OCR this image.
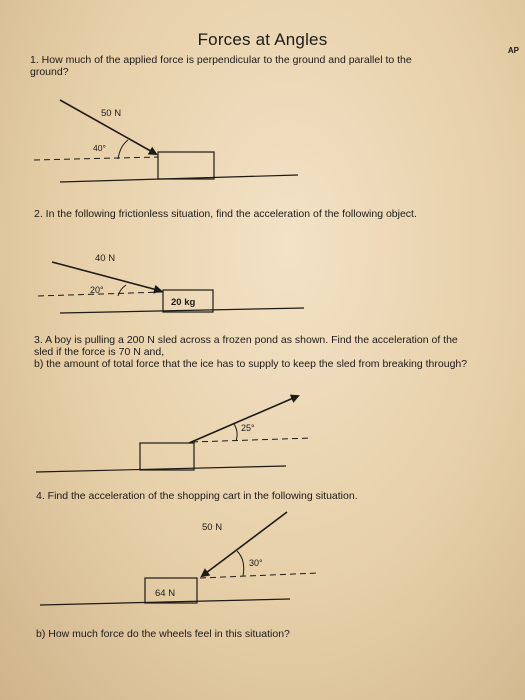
Forces at Angles
AP
1. How much of the applied force is perpendicular to the ground and parallel to the
ground?
2. In the following frictionless situation, find the acceleration of the following object.
3. A boy is pulling a 200 N sled across a frozen pond as shown. Find the acceleration of the
sled if the force is 70 N and,
b) the amount of total force that the ice has to supply to keep the sled from breaking through?
4. Find the acceleration of the shopping cart in the following situation.
b) How much force do the wheels feel in this situation?
50 N
40°
40 N
20°
20 kg
25°
50 N
30°
64 N
